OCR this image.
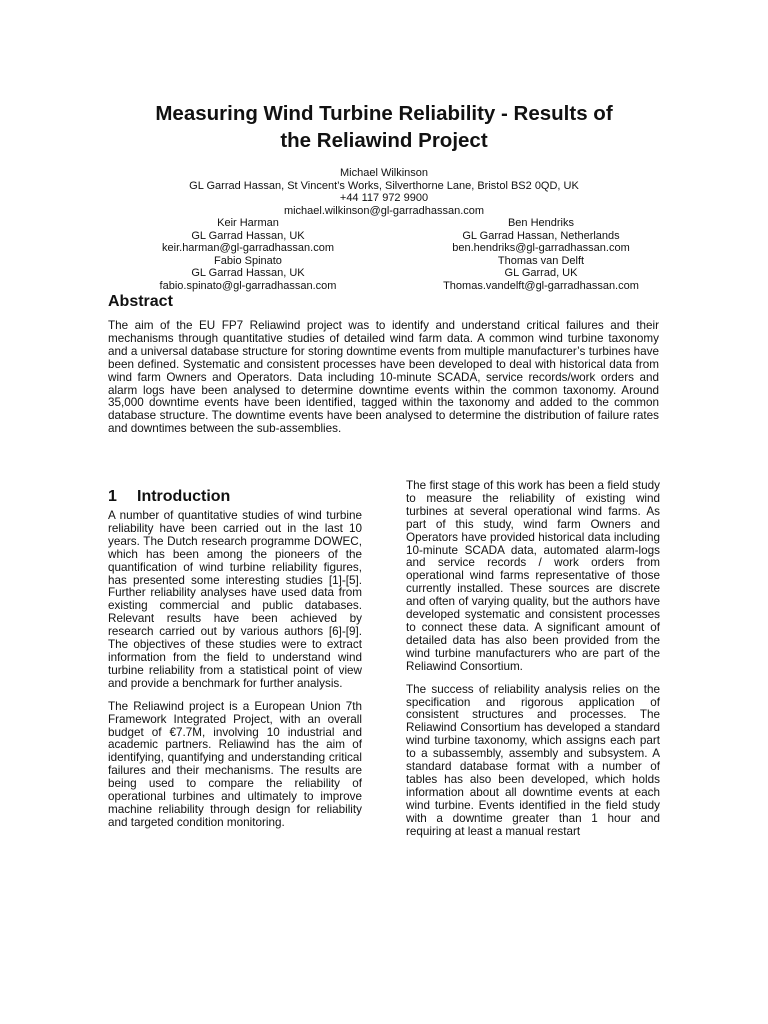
Measuring Wind Turbine Reliability - Results of
the Reliawind Project
Michael Wilkinson
GL Garrad Hassan, St Vincent’s Works, Silverthorne Lane, Bristol BS2 0QD, UK
+44 117 972 9900
michael.wilkinson@gl-garradhassan.com
Keir Harman
GL Garrad Hassan, UK
keir.harman@gl-garradhassan.com
Fabio Spinato
GL Garrad Hassan, UK
fabio.spinato@gl-garradhassan.com
Ben Hendriks
GL Garrad Hassan, Netherlands
ben.hendriks@gl-garradhassan.com
Thomas van Delft
GL Garrad, UK
Thomas.vandelft@gl-garradhassan.com
Abstract
The aim of the EU FP7 Reliawind project was to identify and understand critical failures and their mechanisms through quantitative studies of detailed wind farm data. A common wind turbine taxonomy and a universal database structure for storing downtime events from multiple manufacturer’s turbines have been defined. Systematic and consistent processes have been developed to deal with historical data from wind farm Owners and Operators. Data including 10-minute SCADA, service records/work orders and alarm logs have been analysed to determine downtime events within the common taxonomy. Around 35,000 downtime events have been identified, tagged within the taxonomy and added to the common database structure. The downtime events have been analysed to determine the distribution of failure rates and downtimes between the sub-assemblies.
1 Introduction

A number of quantitative studies of wind turbine reliability have been carried out in the last 10 years. The Dutch research programme DOWEC, which has been among the pioneers of the quantification of wind turbine reliability figures, has presented some interesting studies [1]-[5]. Further reliability analyses have used data from existing commercial and public databases. Relevant results have been achieved by research carried out by various authors [6]-[9]. The objectives of these studies were to extract information from the field to understand wind turbine reliability from a statistical point of view and provide a benchmark for further analysis.

The Reliawind project is a European Union 7th Framework Integrated Project, with an overall budget of €7.7M, involving 10 industrial and academic partners. Reliawind has the aim of identifying, quantifying and understanding critical failures and their mechanisms. The results are being used to compare the reliability of operational turbines and ultimately to improve machine reliability through design for reliability and targeted condition monitoring.

The first stage of this work has been a field study to measure the reliability of existing wind turbines at several operational wind farms. As part of this study, wind farm Owners and Operators have provided historical data including 10-minute SCADA data, automated alarm-logs and service records / work orders from operational wind farms representative of those currently installed. These sources are discrete and often of varying quality, but the authors have developed systematic and consistent processes to connect these data. A significant amount of detailed data has also been provided from the wind turbine manufacturers who are part of the Reliawind Consortium.

The success of reliability analysis relies on the specification and rigorous application of consistent structures and processes. The Reliawind Consortium has developed a standard wind turbine taxonomy, which assigns each part to a subassembly, assembly and subsystem. A standard database format with a number of tables has also been developed, which holds information about all downtime events at each wind turbine. Events identified in the field study with a downtime greater than 1 hour and requiring at least a manual restart
